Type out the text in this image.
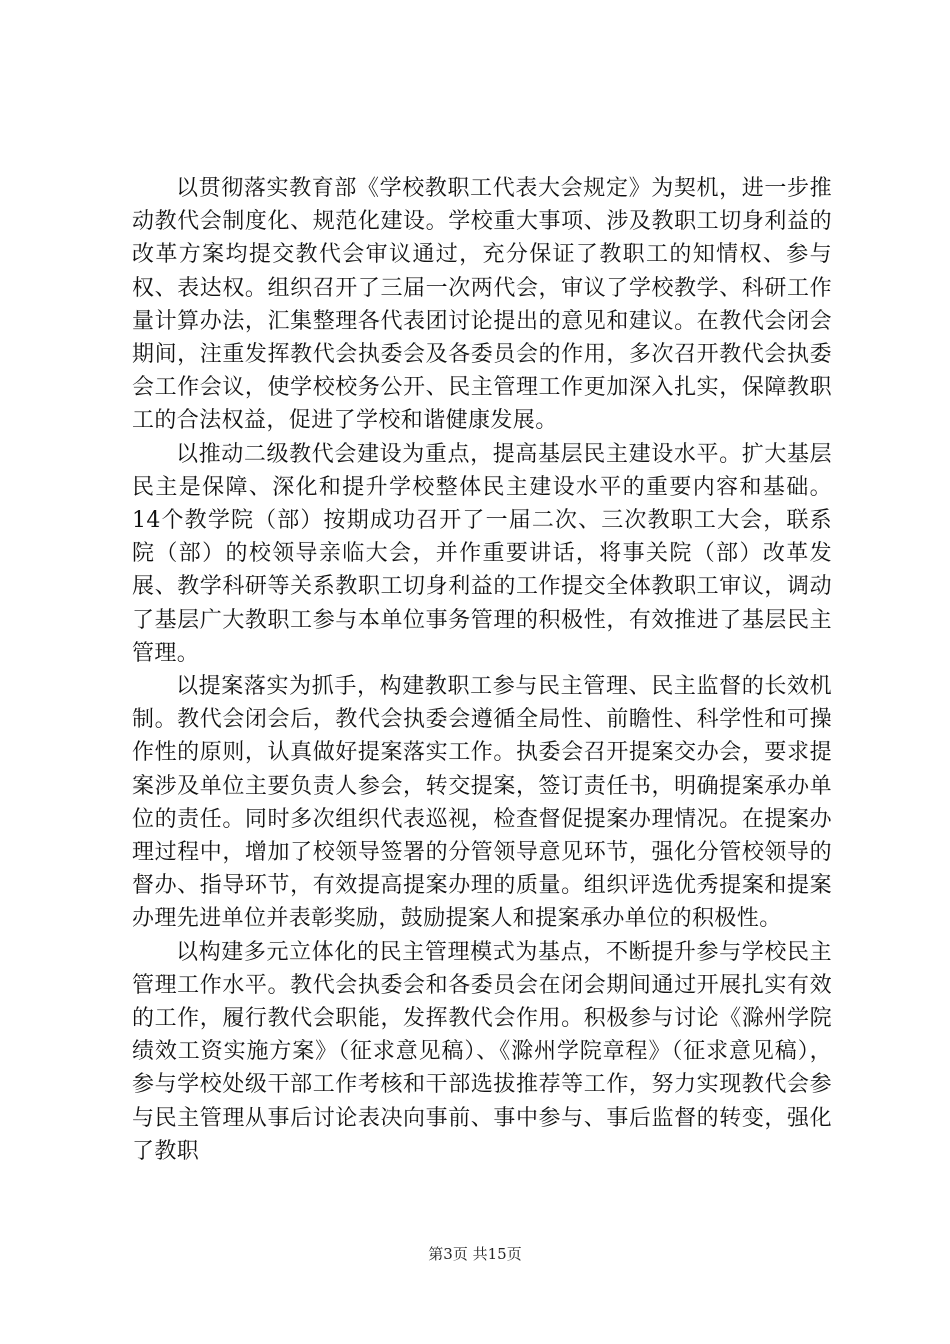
以贯彻落实教育部《学校教职工代表大会规定》为契机，进一步推动教代会制度化、规范化建设。学校重大事项、涉及教职工切身利益的改革方案均提交教代会审议通过，充分保证了教职工的知情权、参与权、表达权。组织召开了三届一次两代会，审议了学校教学、科研工作量计算办法，汇集整理各代表团讨论提出的意见和建议。在教代会闭会期间，注重发挥教代会执委会及各委员会的作用，多次召开教代会执委会工作会议，使学校校务公开、民主管理工作更加深入扎实，保障教职工的合法权益，促进了学校和谐健康发展。

以推动二级教代会建设为重点，提高基层民主建设水平。扩大基层民主是保障、深化和提升学校整体民主建设水平的重要内容和基础。14个教学院（部）按期成功召开了一届二次、三次教职工大会，联系院（部）的校领导亲临大会，并作重要讲话，将事关院（部）改革发展、教学科研等关系教职工切身利益的工作提交全体教职工审议，调动了基层广大教职工参与本单位事务管理的积极性，有效推进了基层民主管理。

以提案落实为抓手，构建教职工参与民主管理、民主监督的长效机制。教代会闭会后，教代会执委会遵循全局性、前瞻性、科学性和可操作性的原则，认真做好提案落实工作。执委会召开提案交办会，要求提案涉及单位主要负责人参会，转交提案，签订责任书，明确提案承办单位的责任。同时多次组织代表巡视，检查督促提案办理情况。在提案办理过程中，增加了校领导签署的分管领导意见环节，强化分管校领导的督办、指导环节，有效提高提案办理的质量。组织评选优秀提案和提案办理先进单位并表彰奖励，鼓励提案人和提案承办单位的积极性。

以构建多元立体化的民主管理模式为基点，不断提升参与学校民主管理工作水平。教代会执委会和各委员会在闭会期间通过开展扎实有效的工作，履行教代会职能，发挥教代会作用。积极参与讨论《滁州学院绩效工资实施方案》（征求意见稿）、《滁州学院章程》（征求意见稿），参与学校处级干部工作考核和干部选拔推荐等工作，努力实现教代会参与民主管理从事后讨论表决向事前、事中参与、事后监督的转变，强化了教职

第3页 共15页
